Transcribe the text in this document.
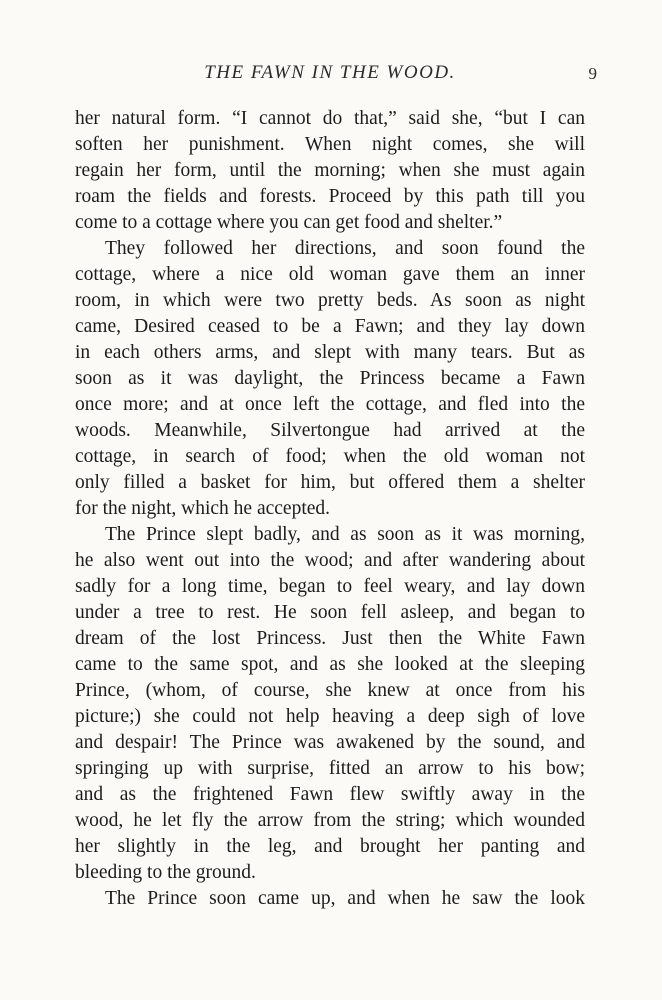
THE FAWN IN THE WOOD.	9
her natural form. “I cannot do that,” said she, “but I can
soften her punishment. When night comes, she will
regain her form, until the morning; when she must again
roam the fields and forests. Proceed by this path till you
come to a cottage where you can get food and shelter.”
They followed her directions, and soon found the
cottage, where a nice old woman gave them an inner
room, in which were two pretty beds. As soon as night
came, Desired ceased to be a Fawn; and they lay down
in each others arms, and slept with many tears. But as
soon as it was daylight, the Princess became a Fawn
once more; and at once left the cottage, and fled into the
woods. Meanwhile, Silvertongue had arrived at the
cottage, in search of food; when the old woman not
only filled a basket for him, but offered them a shelter
for the night, which he accepted.
The Prince slept badly, and as soon as it was morning,
he also went out into the wood; and after wandering about
sadly for a long time, began to feel weary, and lay down
under a tree to rest. He soon fell asleep, and began to
dream of the lost Princess. Just then the White Fawn
came to the same spot, and as she looked at the sleeping
Prince, (whom, of course, she knew at once from his
picture;) she could not help heaving a deep sigh of love
and despair! The Prince was awakened by the sound, and
springing up with surprise, fitted an arrow to his bow;
and as the frightened Fawn flew swiftly away in the
wood, he let fly the arrow from the string; which wounded
her slightly in the leg, and brought her panting and
bleeding to the ground.
The Prince soon came up, and when he saw the look
